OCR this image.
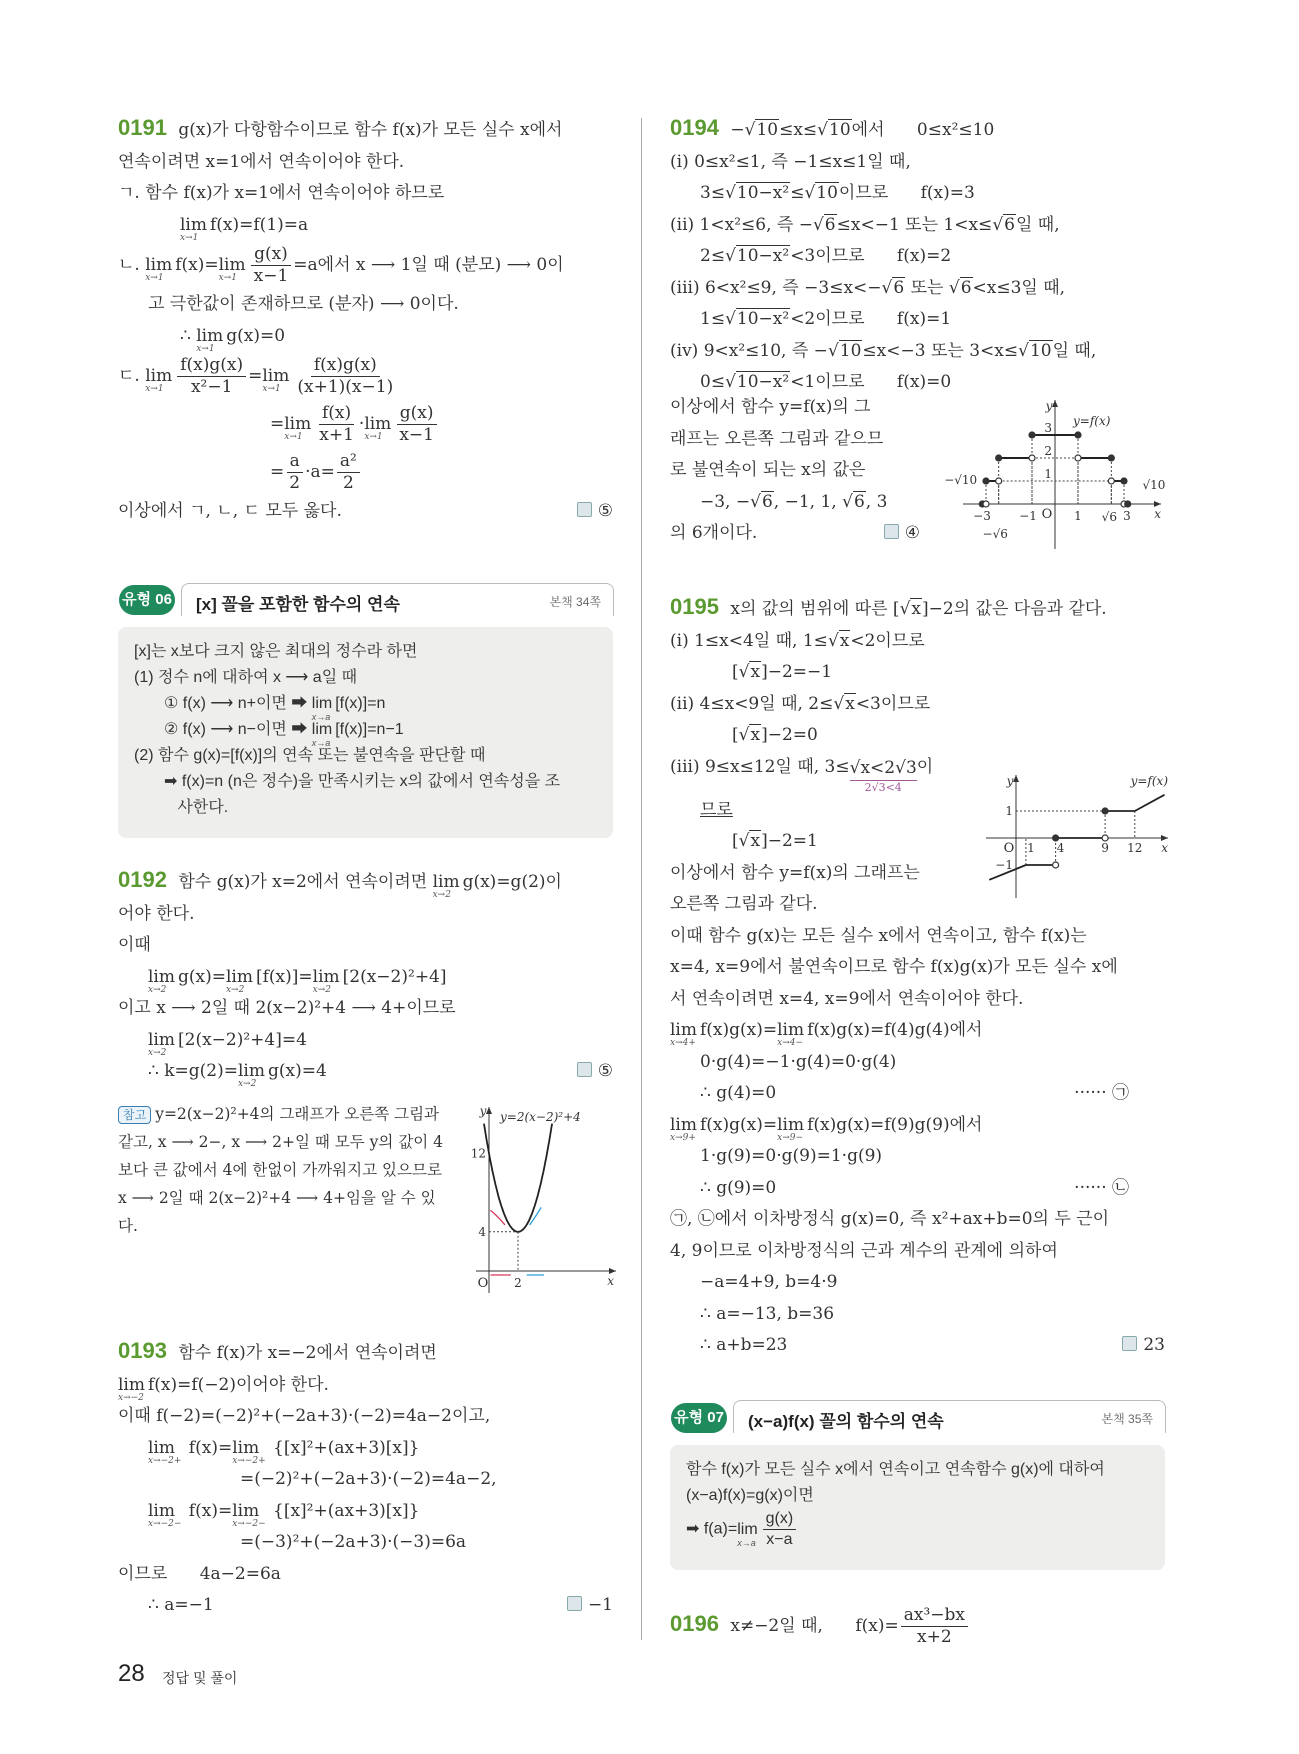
0191 g(x)가 다항함수이므로 함수 f(x)가 모든 실수 x에서
연속이려면 x=1에서 연속이어야 한다.
ㄱ. 함수 f(x)가 x=1에서 연속이어야 하므로
lim
x→1
f(x)=f(1)=a
ㄴ. lim
x→1
f(x)=lim
$x\to 1 \frac{g(x)}{x-1} =a$에서 x ⟶ 1일 때 (분모) ⟶ 0이
고 극한값이 존재하므로 (분자) ⟶ 0이다.
∴ lim
x→1
g(x)=0
ㄷ. lim
$x\to 1 \frac{f(x)g(x)}{\text{x²−1}} =\lim$
$x\to 1 \frac{f(x)g(x)}{(x+1)(x-1)}$
=lim
$x\to 1 \frac{f(x)}{x+1} \cdot\lim$
$x\to 1 \frac{g(x)}{x-1}$
= $\frac{a}{2} \cdot a= \frac{\text{a²}}{2}$
이상에서 ㄱ, ㄴ, ㄷ 모두 옳다.	⑤
유형 06 [x] 꼴을 포함한 함수의 연속	본책 34쪽
[x]는 x보다 크지 않은 최대의 정수라 하면
(1) 정수 n에 대하여 x ⟶ a일 때
① f(x) ⟶ n+이면 ➡ lim
x→a
[f(x)]=n
② f(x) ⟶ n−이면 ➡ lim
x→a
[f(x)]=n−1
(2) 함수 g(x)=[f(x)]의 연속 또는 불연속을 판단할 때
➡ f(x)=n (n은 정수)을 만족시키는 x의 값에서 연속성을 조
사한다.
0192 함수 g(x)가 x=2에서 연속이려면 lim
x→2
g(x)=g(2)이
어야 한다.
이때
lim
x→2
g(x)=lim
x→2
[f(x)]=lim
x→2
[2(x−2)²+4]
이고 x ⟶ 2일 때 2(x−2)²+4 ⟶ 4+이므로
lim
x→2
[2(x−2)²+4]=4
∴ k=g(2)=lim
x→2
g(x)=4	⑤
참고 y=2(x−2)²+4의 그래프가 오른쪽 그림과
같고, x ⟶ 2−, x ⟶ 2+일 때 모두 y의 값이 4
보다 큰 값에서 4에 한없이 가까워지고 있으므로
x ⟶ 2일 때 2(x−2)²+4 ⟶ 4+임을 알 수 있
다.
y
x
O
12
4
2
y=2(x−2)²+4
0193 함수 f(x)가 x=−2에서 연속이려면
lim
x→−2
f(x)=f(−2)이어야 한다.
이때 f(−2)=(−2)²+(−2a+3)·(−2)=4a−2이고,
lim
x→−2+
f(x)=lim
x→−2+
{[x]²+(ax+3)[x]}
=(−2)²+(−2a+3)·(−2)=4a−2,
lim
x→−2−
f(x)=lim
x→−2−
{[x]²+(ax+3)[x]}
=(−3)²+(−2a+3)·(−3)=6a
이므로      4a−2=6a
∴ a=−1	−1
0194 − √ 10≤x≤ √ 10에서      0≤x²≤10
(i) 0≤x²≤1, 즉 −1≤x≤1일 때,
3≤ √ 10−x²≤ √ 10이므로      f(x)=3
(ii) 1<x²≤6, 즉 − √ 6≤x<−1 또는 1<x≤ √ 6일 때,
2≤ √ 10−x²<3이므로      f(x)=2
(iii) 6<x²≤9, 즉 −3≤x<− √ 6 또는 √ 6<x≤3일 때,
1≤ √ 10−x²<2이므로      f(x)=1
(iv) 9<x²≤10, 즉 − √ 10≤x<−3 또는 3<x≤ √ 10일 때,
0≤ √ 10−x²<1이므로      f(x)=0
이상에서 함수 y=f(x)의 그
래프는 오른쪽 그림과 같으므
로 불연속이 되는 x의 값은
−3, − √ 6, −1, 1, √ 6, 3
의 6개이다.	④
y
x
O
3
2
1
−3 −1	1 √6 3
−√6
−√10	√10
y=f(x)
0195 x의 값의 범위에 따른 [ √ x]−2의 값은 다음과 같다.
(i) 1≤x<4일 때, 1≤ √ x<2이므로
[ √ x]−2=−1
(ii) 4≤x<9일 때, 2≤ √ x<3이므로
[ √ x]−2=0
(iii) 9≤x≤12일 때, 3≤ √x<2√3
2√3<4
이
므로
[ √ x]−2=1
이상에서 함수 y=f(x)의 그래프는
오른쪽 그림과 같다.
이때 함수 g(x)는 모든 실수 x에서 연속이고, 함수 f(x)는
x=4, x=9에서 불연속이므로 함수 f(x)g(x)가 모든 실수 x에
서 연속이려면 x=4, x=9에서 연속이어야 한다.
lim
x→4+
f(x)g(x)=lim
x→4−
f(x)g(x)=f(4)g(4)에서
0·g(4)=−1·g(4)=0·g(4)
∴ g(4)=0	······ ㉠
lim
x→9+
f(x)g(x)=lim
x→9−
f(x)g(x)=f(9)g(9)에서
1·g(9)=0·g(9)=1·g(9)
∴ g(9)=0	······ ㉡
㉠, ㉡에서 이차방정식 g(x)=0, 즉 x²+ax+b=0의 두 근이
4, 9이므로 이차방정식의 근과 계수의 관계에 의하여
−a=4+9, b=4·9
∴ a=−13, b=36
∴ a+b=23	23
y
x
O
1
−1
1 4	9 12
y=f(x)
유형 07 (x−a)f(x) 꼴의 함수의 연속	본책 35쪽
함수 f(x)가 모든 실수 x에서 연속이고 연속함수 g(x)에 대하여
(x−a)f(x)=g(x)이면
➡ f(a)=lim
$x\to a \frac{g(x)}{x-a}$
0196 x≠−2일 때,      $f(x)= \frac{\text{ax³−bx}}{x+2}$
28 정답 및 풀이
